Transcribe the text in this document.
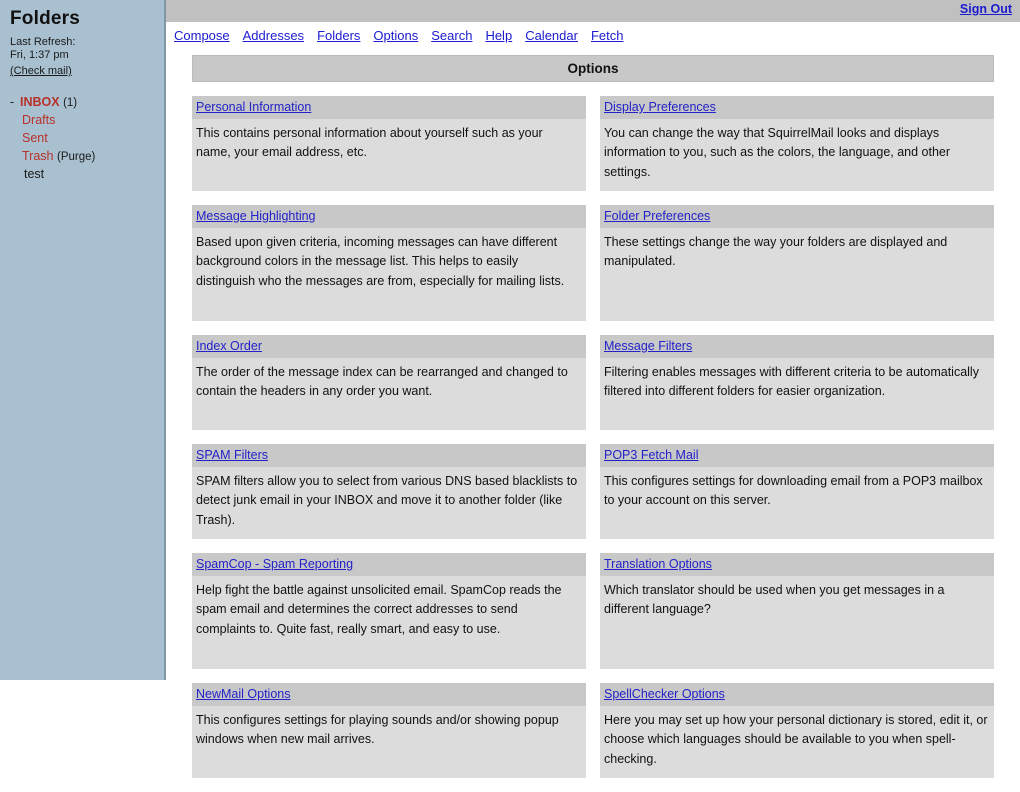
Folders
Last Refresh:
Fri, 1:37 pm
(Check mail)
- INBOX (1)
Drafts
Sent
Trash (Purge)
test
Sign Out
Compose Addresses Folders Options Search Help Calendar Fetch
Options
Personal Information
This contains personal information about yourself such as your name, your email address, etc.
Message Highlighting
Based upon given criteria, incoming messages can have different background colors in the message list. This helps to easily distinguish who the messages are from, especially for mailing lists.
Index Order
The order of the message index can be rearranged and changed to contain the headers in any order you want.
SPAM Filters
SPAM filters allow you to select from various DNS based blacklists to detect junk email in your INBOX and move it to another folder (like Trash).
SpamCop - Spam Reporting
Help fight the battle against unsolicited email. SpamCop reads the spam email and determines the correct addresses to send complaints to. Quite fast, really smart, and easy to use.
NewMail Options
This configures settings for playing sounds and/or showing popup windows when new mail arrives.
Display Preferences
You can change the way that SquirrelMail looks and displays information to you, such as the colors, the language, and other settings.
Folder Preferences
These settings change the way your folders are displayed and manipulated.
Message Filters
Filtering enables messages with different criteria to be automatically filtered into different folders for easier organization.
POP3 Fetch Mail
This configures settings for downloading email from a POP3 mailbox to your account on this server.
Translation Options
Which translator should be used when you get messages in a different language?
SpellChecker Options
Here you may set up how your personal dictionary is stored, edit it, or choose which languages should be available to you when spell-checking.
